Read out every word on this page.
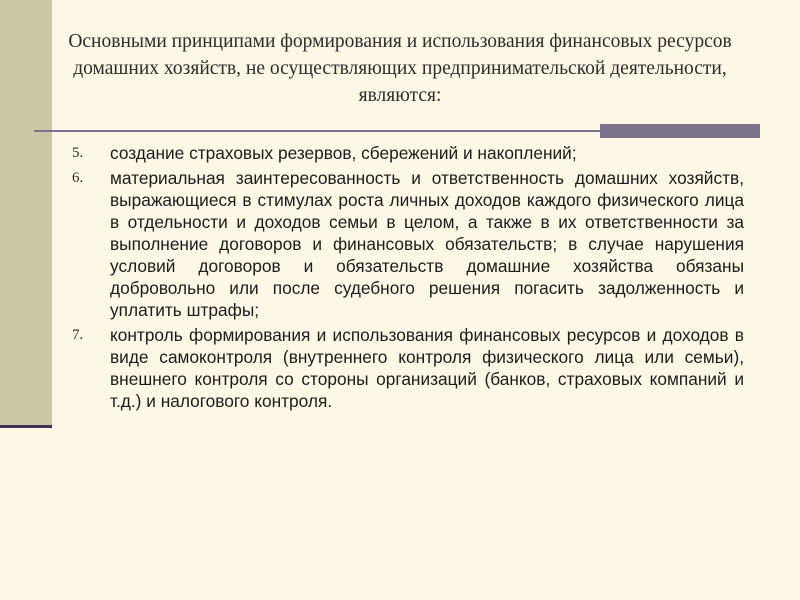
Основными принципами формирования и использования финансовых ресурсов домашних хозяйств, не осуществляющих предпринимательской деятельности, являются:
5. создание страховых резервов, сбережений и накоплений;
6. материальная заинтересованность и ответственность домашних хозяйств, выражающиеся в стимулах роста личных доходов каждого физического лица в отдельности и доходов семьи в целом, а также в их ответственности за выполнение договоров и финансовых обязательств; в случае нарушения условий договоров и обязательств домашние хозяйства обязаны добровольно или после судебного решения погасить задолженность и уплатить штрафы;
7. контроль формирования и использования финансовых ресурсов и доходов в виде самоконтроля (внутреннего контроля физического лица или семьи), внешнего контроля со стороны организаций (банков, страховых компаний и т.д.) и налогового контроля.
